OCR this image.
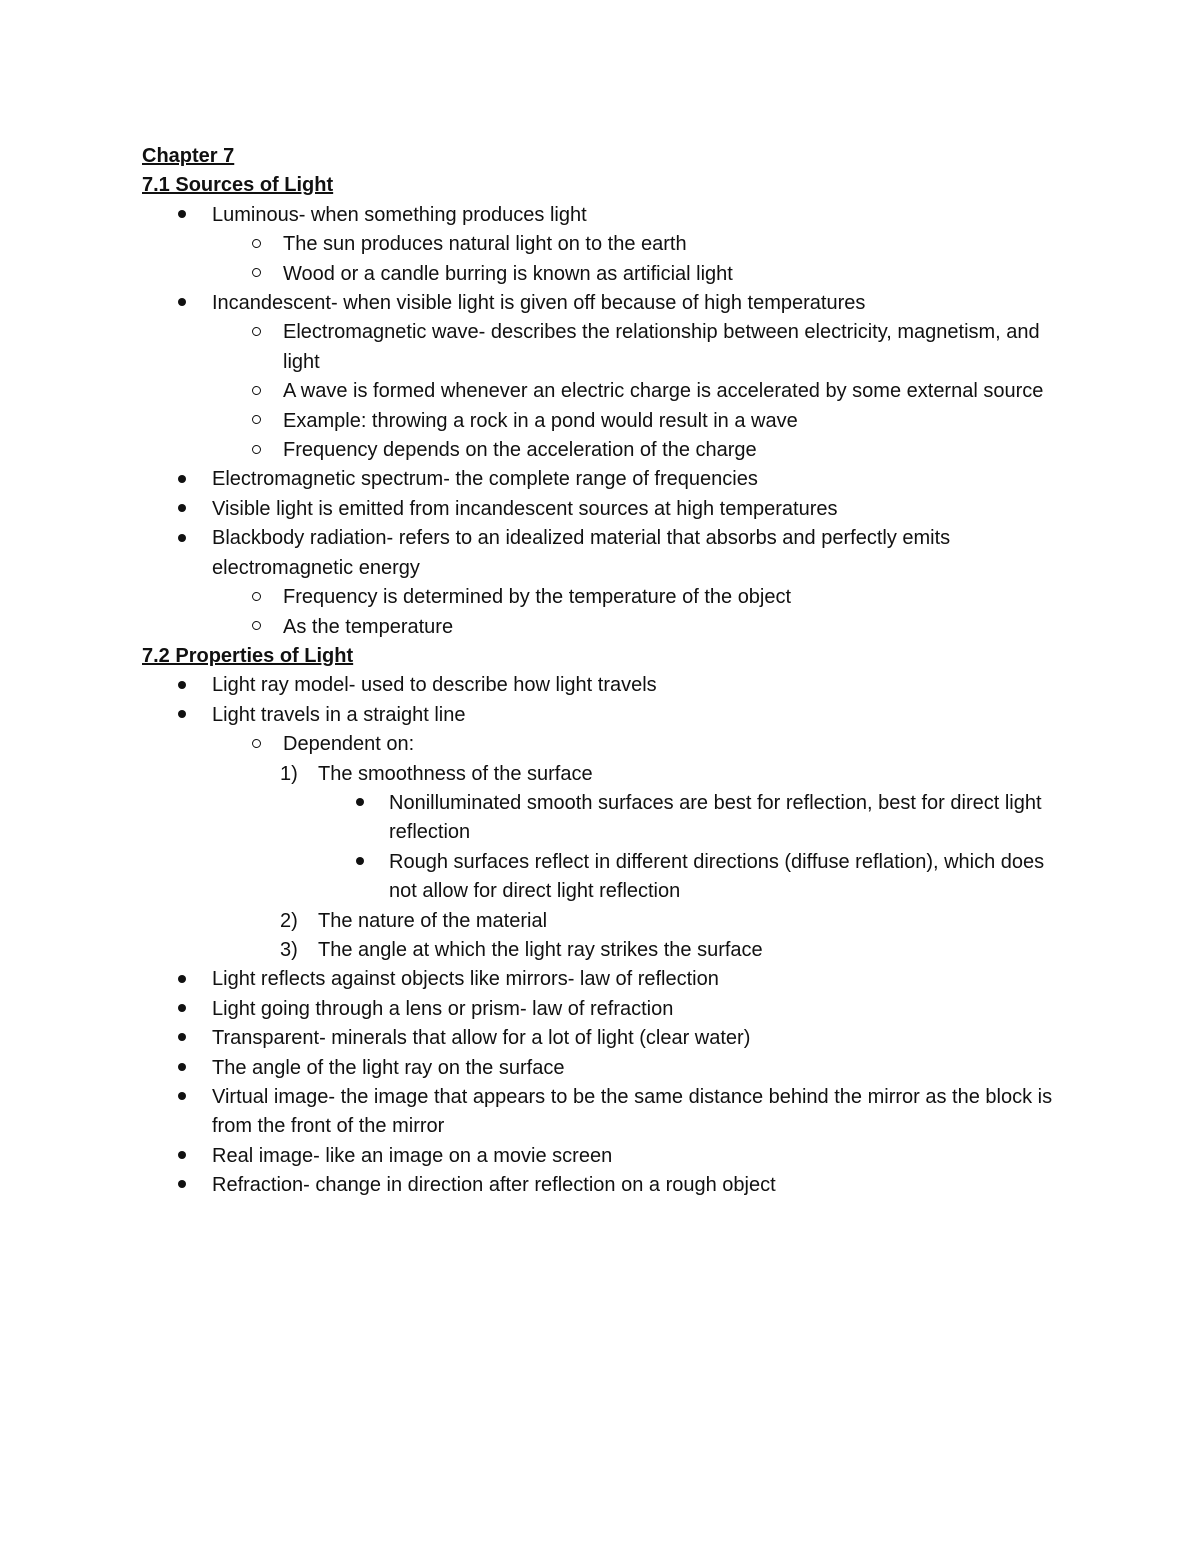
Chapter 7
7.1 Sources of Light
Luminous- when something produces light
The sun produces natural light on to the earth
Wood or a candle burring is known as artificial light
Incandescent- when visible light is given off because of high temperatures
Electromagnetic wave- describes the relationship between electricity, magnetism, and light
A wave is formed whenever an electric charge is accelerated by some external source
Example: throwing a rock in a pond would result in a wave
Frequency depends on the acceleration of the charge
Electromagnetic spectrum- the complete range of frequencies
Visible light is emitted from incandescent sources at high temperatures
Blackbody radiation- refers to an idealized material that absorbs and perfectly emits electromagnetic energy
Frequency is determined by the temperature of the object
As the temperature
7.2 Properties of Light
Light ray model- used to describe how light travels
Light travels in a straight line
Dependent on:
1)	The smoothness of the surface
Nonilluminated smooth surfaces are best for reflection, best for direct light reflection
Rough surfaces reflect in different directions (diffuse reflation), which does not allow for direct light reflection
2)	The nature of the material
3)	The angle at which the light ray strikes the surface
Light reflects against objects like mirrors- law of reflection
Light going through a lens or prism- law of refraction
Transparent- minerals that allow for a lot of light (clear water)
The angle of the light ray on the surface
Virtual image- the image that appears to be the same distance behind the mirror as the block is from the front of the mirror
Real image- like an image on a movie screen
Refraction- change in direction after reflection on a rough object
